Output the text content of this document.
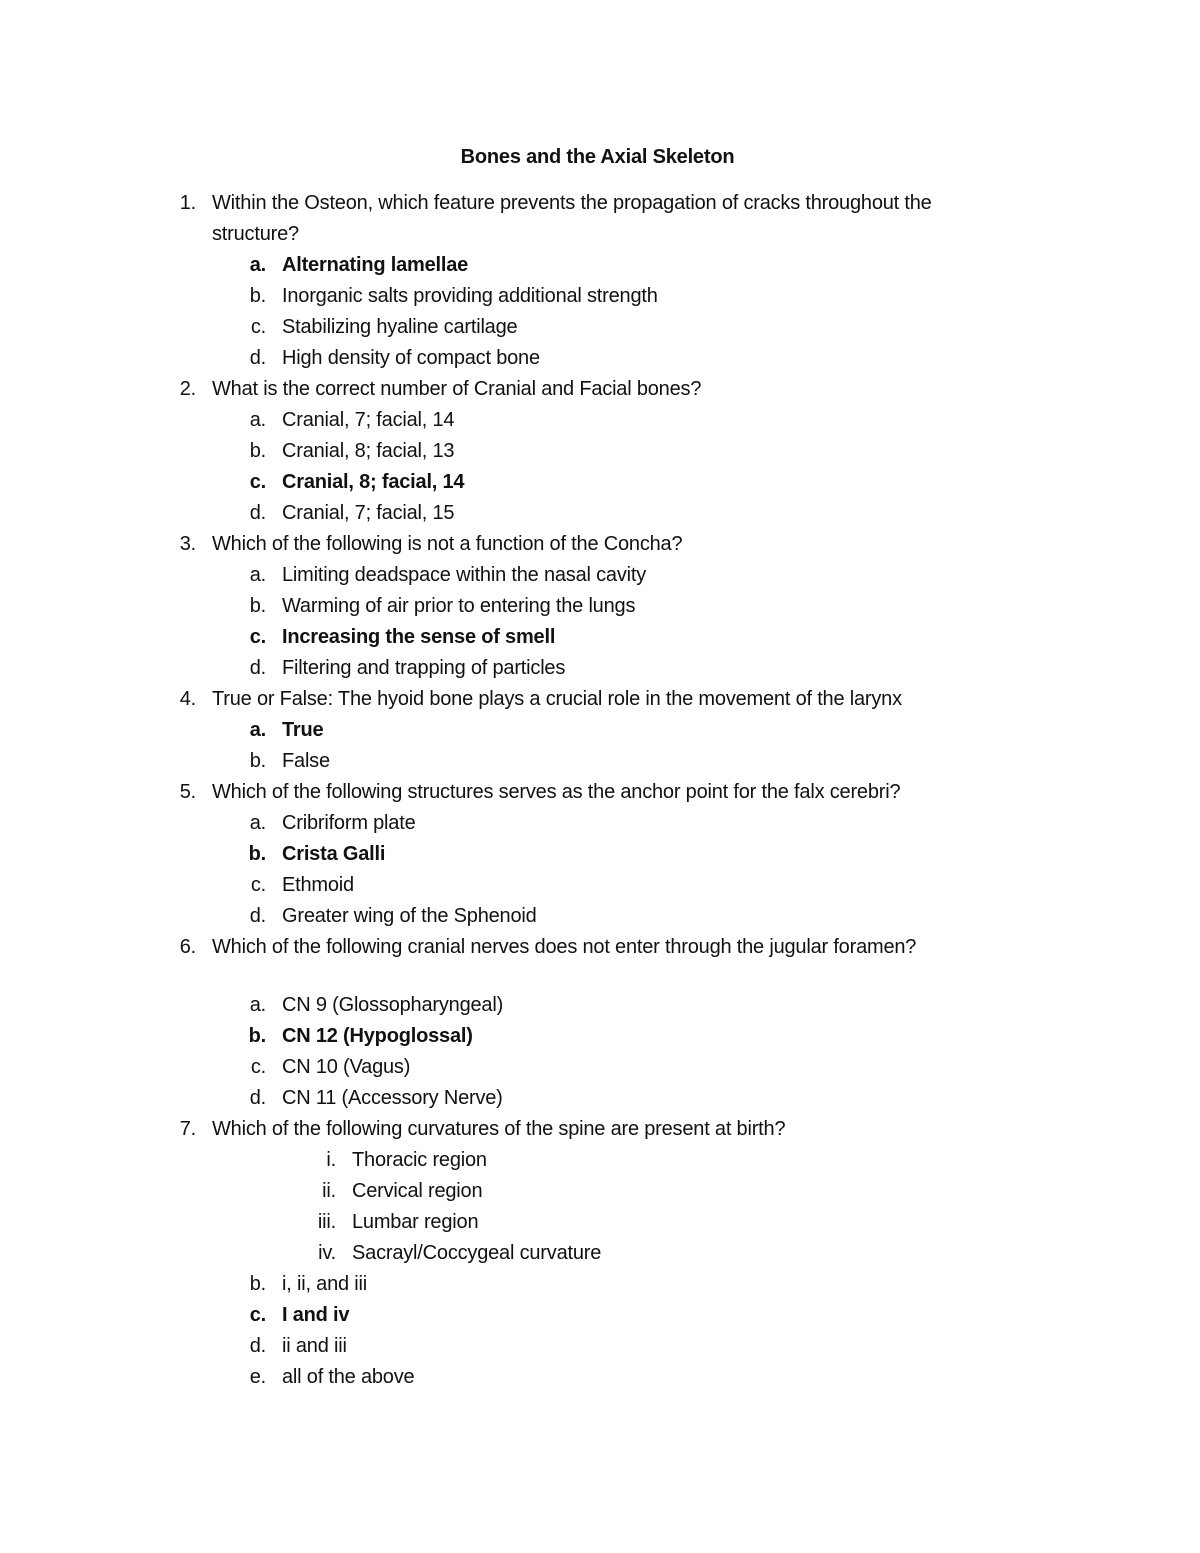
Bones and the Axial Skeleton
1. Within the Osteon, which feature prevents the propagation of cracks throughout the
structure?
a. Alternating lamellae
b. Inorganic salts providing additional strength
c. Stabilizing hyaline cartilage
d. High density of compact bone
2. What is the correct number of Cranial and Facial bones?
a. Cranial, 7; facial, 14
b. Cranial, 8; facial, 13
c. Cranial, 8; facial, 14
d. Cranial, 7; facial, 15
3. Which of the following is not a function of the Concha?
a. Limiting deadspace within the nasal cavity
b. Warming of air prior to entering the lungs
c. Increasing the sense of smell
d. Filtering and trapping of particles
4. True or False: The hyoid bone plays a crucial role in the movement of the larynx
a. True
b. False
5. Which of the following structures serves as the anchor point for the falx cerebri?
a. Cribriform plate
b. Crista Galli
c. Ethmoid
d. Greater wing of the Sphenoid
6. Which of the following cranial nerves does not enter through the jugular foramen?
a. CN 9 (Glossopharyngeal)
b. CN 12 (Hypoglossal)
c. CN 10 (Vagus)
d. CN 11 (Accessory Nerve)
7. Which of the following curvatures of the spine are present at birth?
i. Thoracic region
ii. Cervical region
iii. Lumbar region
iv. Sacrayl/Coccygeal curvature
b. i, ii, and iii
c. I and iv
d. ii and iii
e. all of the above
